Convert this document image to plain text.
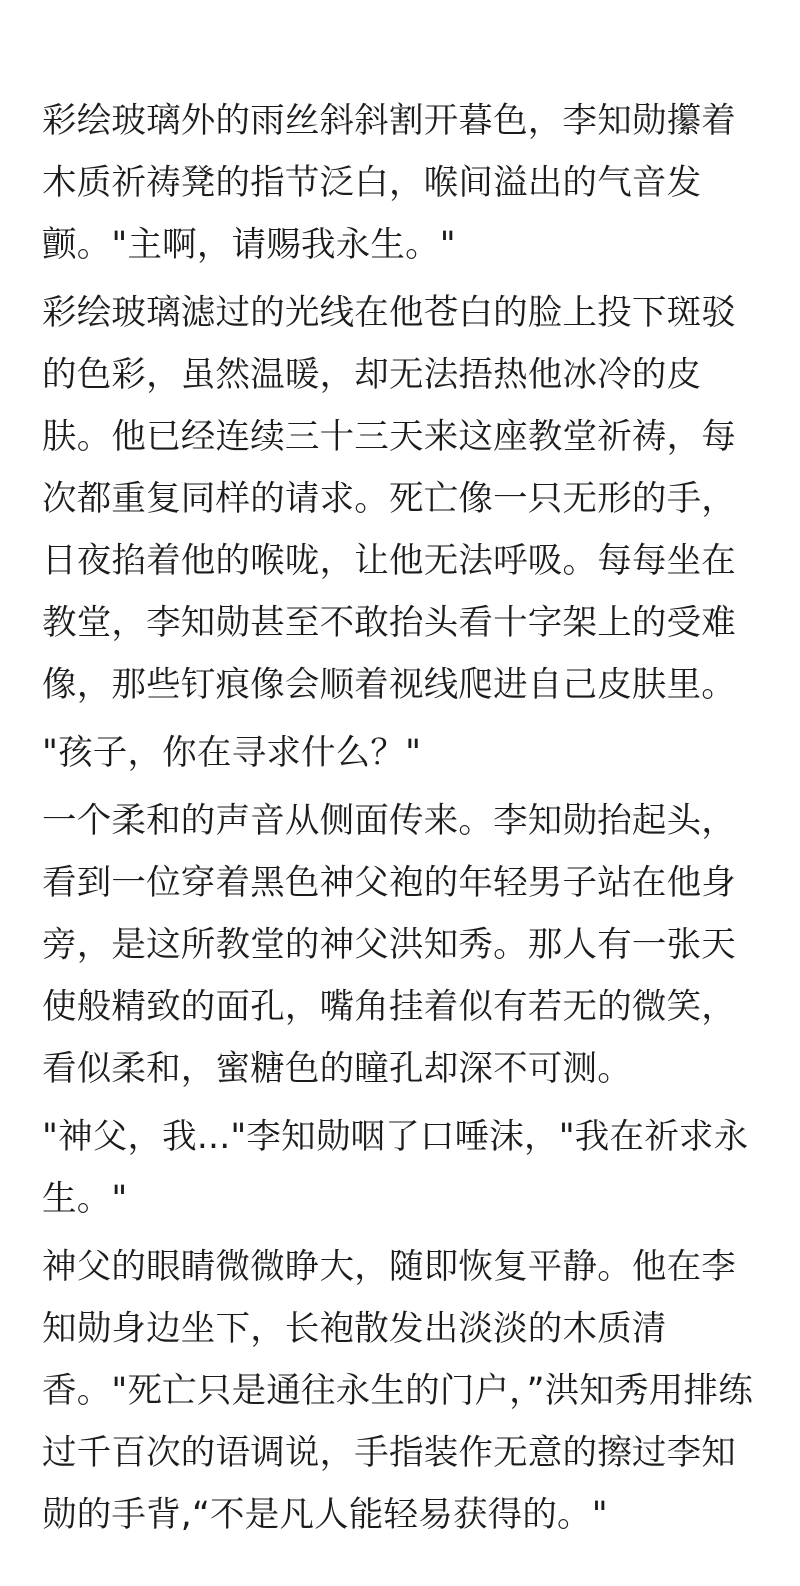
彩绘玻璃外的雨丝斜斜割开暮色，李知勋攥着木质祈祷凳的指节泛白，喉间溢出的气音发颤。"主啊，请赐我永生。"

彩绘玻璃滤过的光线在他苍白的脸上投下斑驳的色彩，虽然温暖，却无法捂热他冰冷的皮肤。他已经连续三十三天来这座教堂祈祷，每次都重复同样的请求。死亡像一只无形的手，日夜掐着他的喉咙，让他无法呼吸。每每坐在教堂，李知勋甚至不敢抬头看十字架上的受难像，那些钉痕像会顺着视线爬进自己皮肤里。

"孩子，你在寻求什么？"

一个柔和的声音从侧面传来。李知勋抬起头，看到一位穿着黑色神父袍的年轻男子站在他身旁，是这所教堂的神父洪知秀。那人有一张天使般精致的面孔，嘴角挂着似有若无的微笑，看似柔和，蜜糖色的瞳孔却深不可测。

"神父，我..."李知勋咽了口唾沫，"我在祈求永生。"

神父的眼睛微微睁大，随即恢复平静。他在李知勋身边坐下，长袍散发出淡淡的木质清香。"死亡只是通往永生的门户，”洪知秀用排练过千百次的语调说，手指装作无意的擦过李知勋的手背,“不是凡人能轻易获得的。"
